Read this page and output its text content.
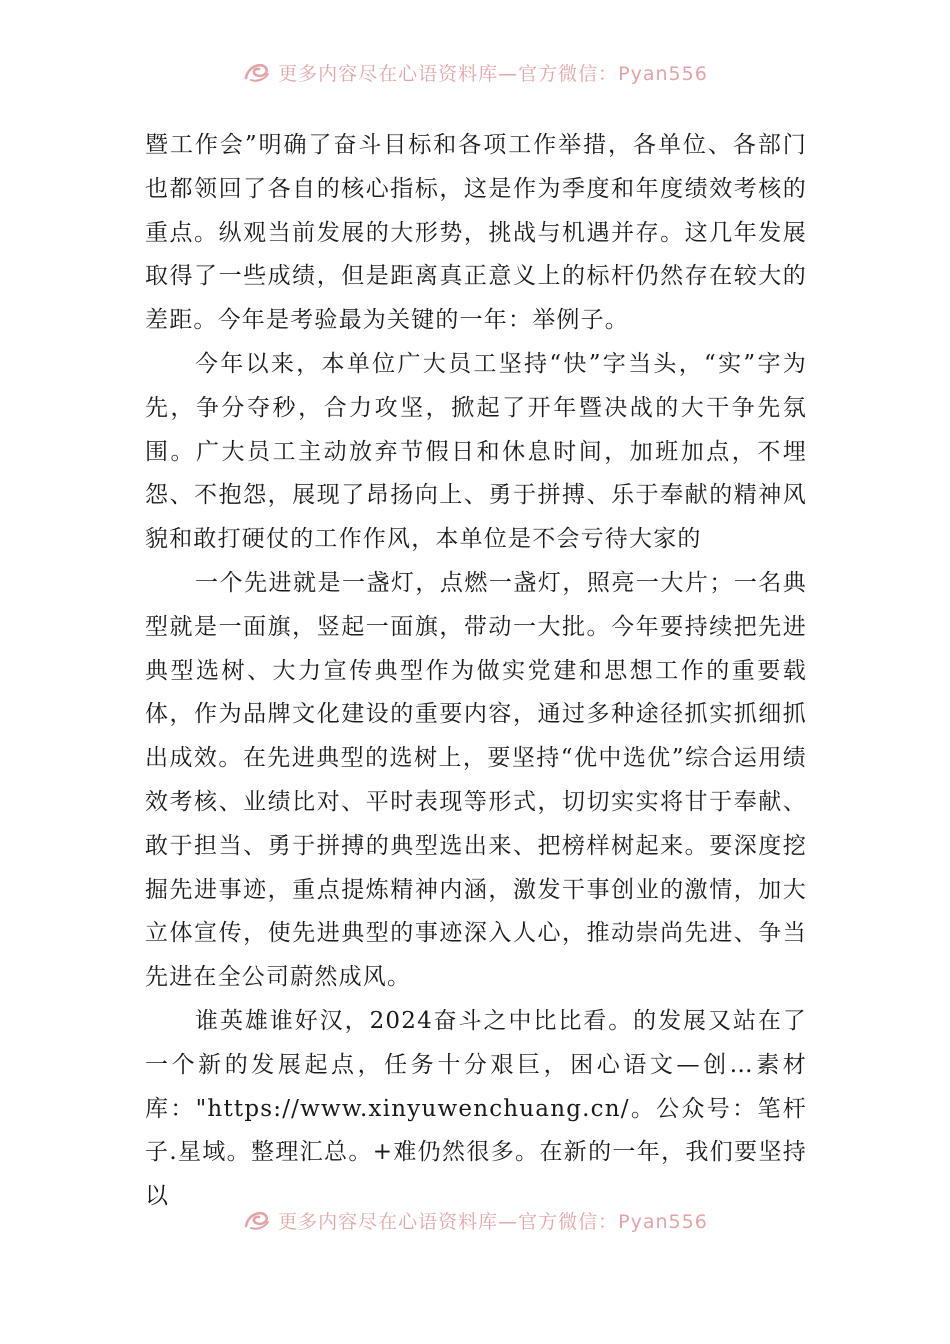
更多内容尽在心语资料库—官方微信：Pyan556

暨工作会”明确了奋斗目标和各项工作举措，各单位、各部门也都领回了各自的核心指标，这是作为季度和年度绩效考核的重点。纵观当前发展的大形势，挑战与机遇并存。这几年发展取得了一些成绩，但是距离真正意义上的标杆仍然存在较大的差距。今年是考验最为关键的一年：举例子。

今年以来，本单位广大员工坚持“快”字当头，“实”字为先，争分夺秒，合力攻坚，掀起了开年暨决战的大干争先氛围。广大员工主动放弃节假日和休息时间，加班加点，不埋怨、不抱怨，展现了昂扬向上、勇于拼搏、乐于奉献的精神风貌和敢打硬仗的工作作风，本单位是不会亏待大家的

一个先进就是一盏灯，点燃一盏灯，照亮一大片；一名典型就是一面旗，竖起一面旗，带动一大批。今年要持续把先进典型选树、大力宣传典型作为做实党建和思想工作的重要载体，作为品牌文化建设的重要内容，通过多种途径抓实抓细抓出成效。在先进典型的选树上，要坚持“优中选优”综合运用绩效考核、业绩比对、平时表现等形式，切切实实将甘于奉献、敢于担当、勇于拼搏的典型选出来、把榜样树起来。要深度挖掘先进事迹，重点提炼精神内涵，激发干事创业的激情，加大立体宣传，使先进典型的事迹深入人心，推动崇尚先进、争当先进在全公司蔚然成风。

谁英雄谁好汉，2024奋斗之中比比看。的发展又站在了一个新的发展起点，任务十分艰巨，困心语文—创…素材库："https://www.xinyuwenchuang.cn/。公众号：笔杆子.星域。整理汇总。+难仍然很多。在新的一年，我们要坚持以

更多内容尽在心语资料库—官方微信：Pyan556
